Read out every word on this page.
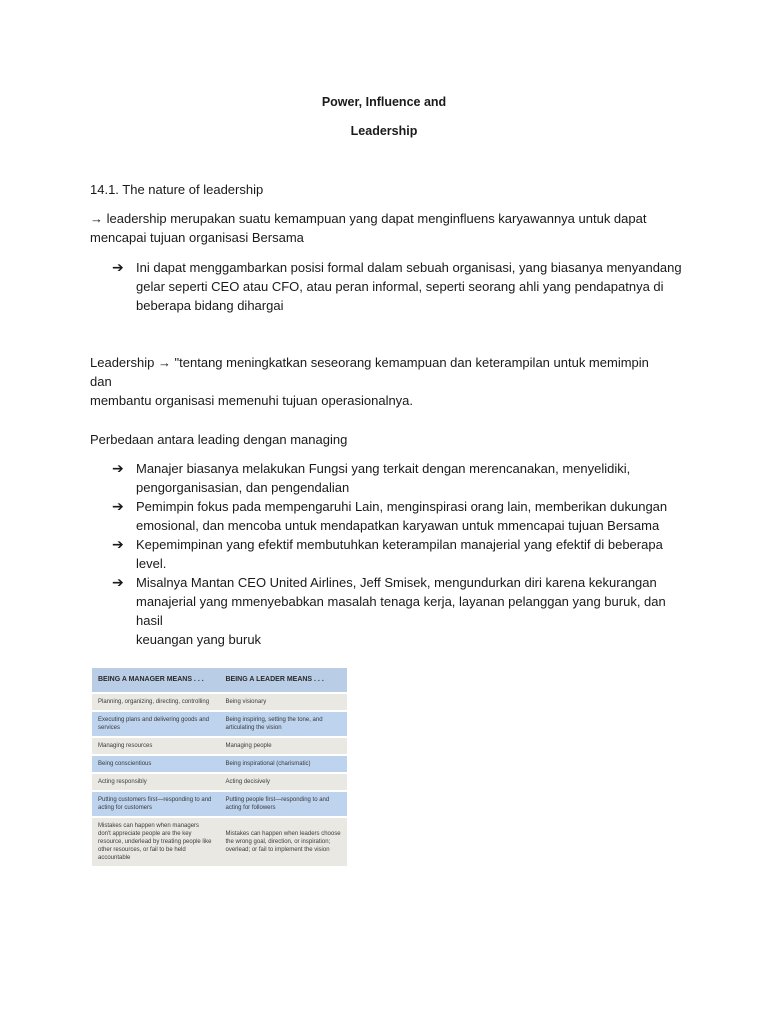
Power, Influence and
Leadership
14.1. The nature of leadership
→ leadership merupakan suatu kemampuan yang dapat menginfluens karyawannya untuk dapat
mencapai tujuan organisasi Bersama
➔ Ini dapat menggambarkan posisi formal dalam sebuah organisasi, yang biasanya menyandang
gelar seperti CEO atau CFO, atau peran informal, seperti seorang ahli yang pendapatnya di
beberapa bidang dihargai
Leadership → "tentang meningkatkan seseorang kemampuan dan keterampilan untuk memimpin dan
membantu organisasi memenuhi tujuan operasionalnya.
Perbedaan antara leading dengan managing
➔ Manajer biasanya melakukan Fungsi yang terkait dengan merencanakan, menyelidiki,
pengorganisasian, dan pengendalian
➔ Pemimpin fokus pada mempengaruhi Lain, menginspirasi orang lain, memberikan dukungan
emosional, dan mencoba untuk mendapatkan karyawan untuk mmencapai tujuan Bersama
➔ Kepemimpinan yang efektif membutuhkan keterampilan manajerial yang efektif di beberapa
level.
➔ Misalnya Mantan CEO United Airlines, Jeff Smisek, mengundurkan diri karena kekurangan
manajerial yang mmenyebabkan masalah tenaga kerja, layanan pelanggan yang buruk, dan hasil
keuangan yang buruk
BEING A MANAGER MEANS . . .	BEING A LEADER MEANS . . .
Planning, organizing, directing, controlling	Being visionary
Executing plans and delivering goods and services	Being inspiring, setting the tone, and articulating the vision
Managing resources	Managing people
Being conscientious	Being inspirational (charismatic)
Acting responsibly	Acting decisively
Putting customers first—responding to and acting for customers	Putting people first—responding to and acting for followers
Mistakes can happen when managers don't appreciate people are the key resource, underlead by treating people like other resources, or fail to be held accountable	Mistakes can happen when leaders choose the wrong goal, direction, or inspiration; overlead; or fail to implement the vision
